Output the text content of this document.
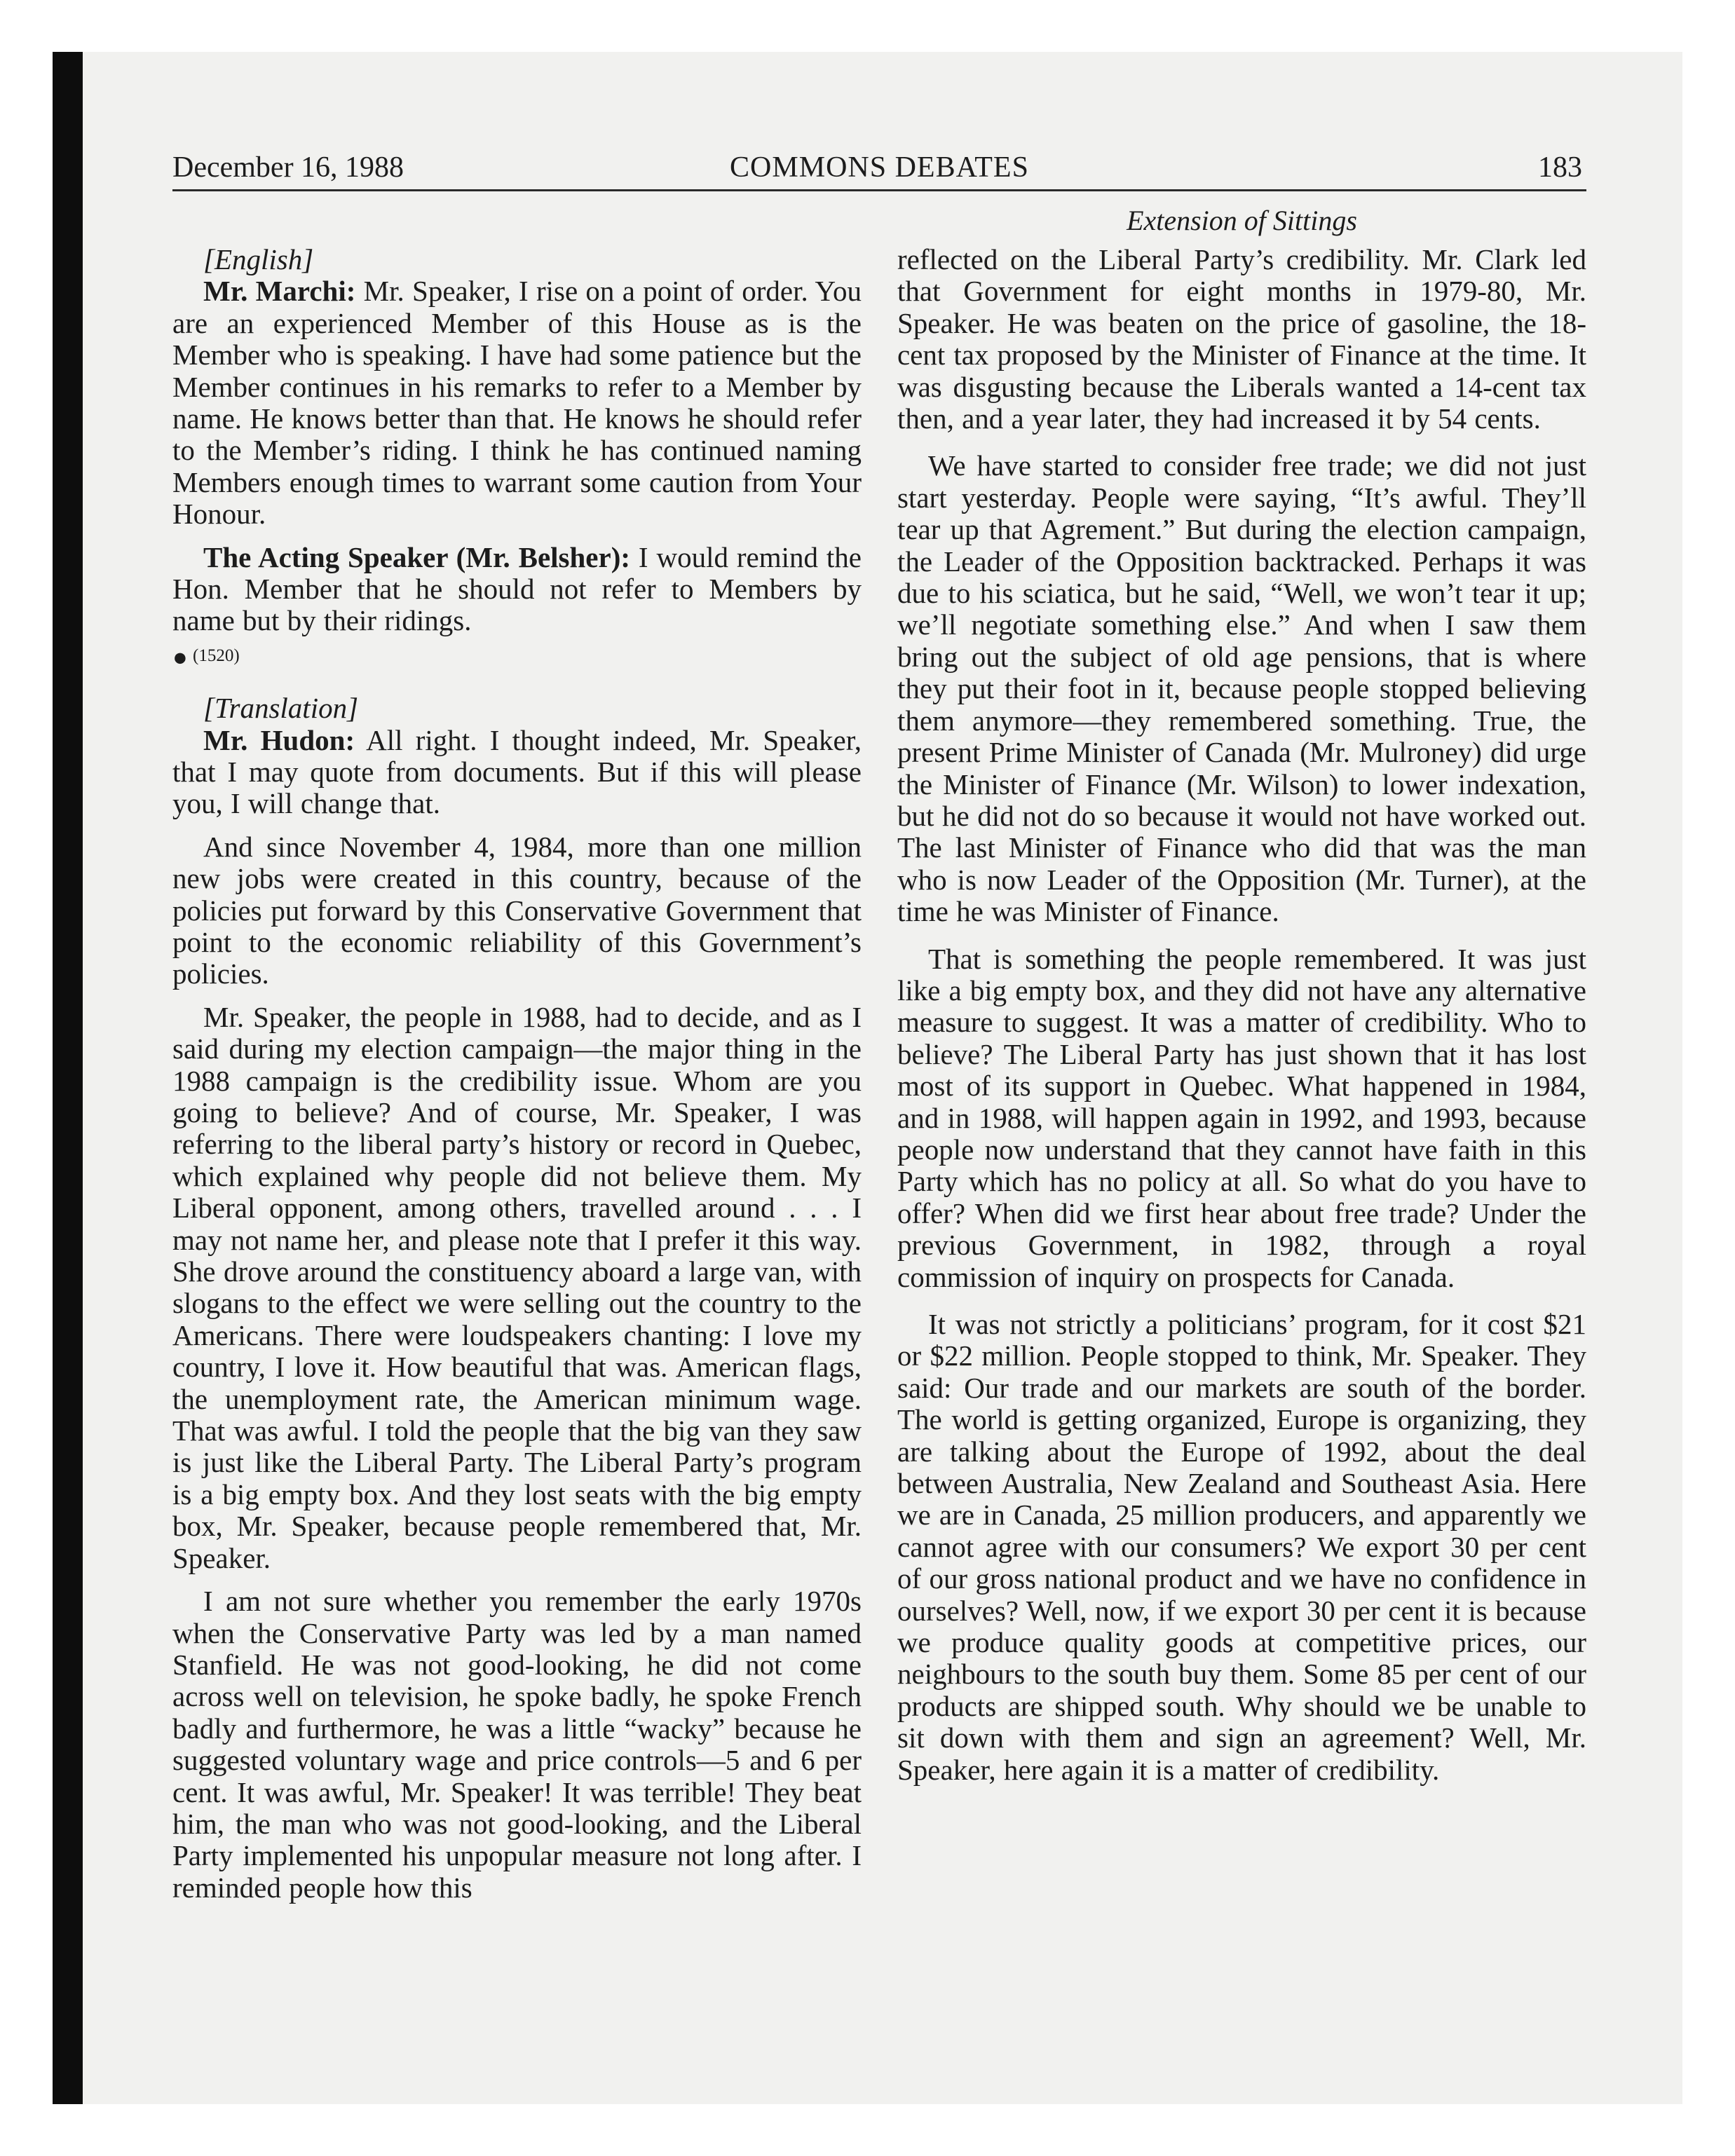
December 16, 1988	COMMONS DEBATES	183
Extension of Sittings

[English]

Mr. Marchi: Mr. Speaker, I rise on a point of order. You are an experienced Member of this House as is the Member who is speaking. I have had some patience but the Member continues in his remarks to refer to a Member by name. He knows better than that. He knows he should refer to the Member’s riding. I think he has continued naming Members enough times to warrant some caution from Your Honour.

The Acting Speaker (Mr. Belsher): I would remind the Hon. Member that he should not refer to Members by name but by their ridings.

● (1520)

[Translation]

Mr. Hudon: All right. I thought indeed, Mr. Speaker, that I may quote from documents. But if this will please you, I will change that.

And since November 4, 1984, more than one million new jobs were created in this country, because of the policies put forward by this Conservative Government that point to the economic reliability of this Government’s policies.

Mr. Speaker, the people in 1988, had to decide, and as I said during my election campaign—the major thing in the 1988 campaign is the credibility issue. Whom are you going to believe? And of course, Mr. Speaker, I was referring to the liberal party’s history or record in Quebec, which explained why people did not believe them. My Liberal opponent, among others, travelled around . . . I may not name her, and please note that I prefer it this way. She drove around the constituency aboard a large van, with slogans to the effect we were selling out the country to the Americans. There were loudspeakers chanting: I love my country, I love it. How beautiful that was. American flags, the unemployment rate, the American minimum wage. That was awful. I told the people that the big van they saw is just like the Liberal Party. The Liberal Party’s program is a big empty box. And they lost seats with the big empty box, Mr. Speaker, because people remembered that, Mr. Speaker.

I am not sure whether you remember the early 1970s when the Conservative Party was led by a man named Stanfield. He was not good-looking, he did not come across well on television, he spoke badly, he spoke French badly and furthermore, he was a little “wacky” because he suggested voluntary wage and price controls—5 and 6 per cent. It was awful, Mr. Speaker! It was terrible! They beat him, the man who was not good-looking, and the Liberal Party implemented his unpopular measure not long after. I reminded people how this

reflected on the Liberal Party’s credibility. Mr. Clark led that Government for eight months in 1979-80, Mr. Speaker. He was beaten on the price of gasoline, the 18-cent tax proposed by the Minister of Finance at the time. It was disgusting because the Liberals wanted a 14-cent tax then, and a year later, they had increased it by 54 cents.

We have started to consider free trade; we did not just start yesterday. People were saying, “It’s awful. They’ll tear up that Agrement.” But during the election campaign, the Leader of the Opposition backtracked. Perhaps it was due to his sciatica, but he said, “Well, we won’t tear it up; we’ll negotiate something else.” And when I saw them bring out the subject of old age pensions, that is where they put their foot in it, because people stopped believing them anymore—they remembered something. True, the present Prime Minister of Canada (Mr. Mulroney) did urge the Minister of Finance (Mr. Wilson) to lower indexation, but he did not do so because it would not have worked out. The last Minister of Finance who did that was the man who is now Leader of the Opposition (Mr. Turner), at the time he was Minister of Finance.

That is something the people remembered. It was just like a big empty box, and they did not have any alternative measure to suggest. It was a matter of credibility. Who to believe? The Liberal Party has just shown that it has lost most of its support in Quebec. What happened in 1984, and in 1988, will happen again in 1992, and 1993, because people now understand that they cannot have faith in this Party which has no policy at all. So what do you have to offer? When did we first hear about free trade? Under the previous Government, in 1982, through a royal commission of inquiry on prospects for Canada.

It was not strictly a politicians’ program, for it cost $21 or $22 million. People stopped to think, Mr. Speaker. They said: Our trade and our markets are south of the border. The world is getting organized, Europe is organizing, they are talking about the Europe of 1992, about the deal between Australia, New Zealand and Southeast Asia. Here we are in Canada, 25 million producers, and apparently we cannot agree with our consumers? We export 30 per cent of our gross national product and we have no confidence in ourselves? Well, now, if we export 30 per cent it is because we produce quality goods at competitive prices, our neighbours to the south buy them. Some 85 per cent of our products are shipped south. Why should we be unable to sit down with them and sign an agreement? Well, Mr. Speaker, here again it is a matter of credibility.
